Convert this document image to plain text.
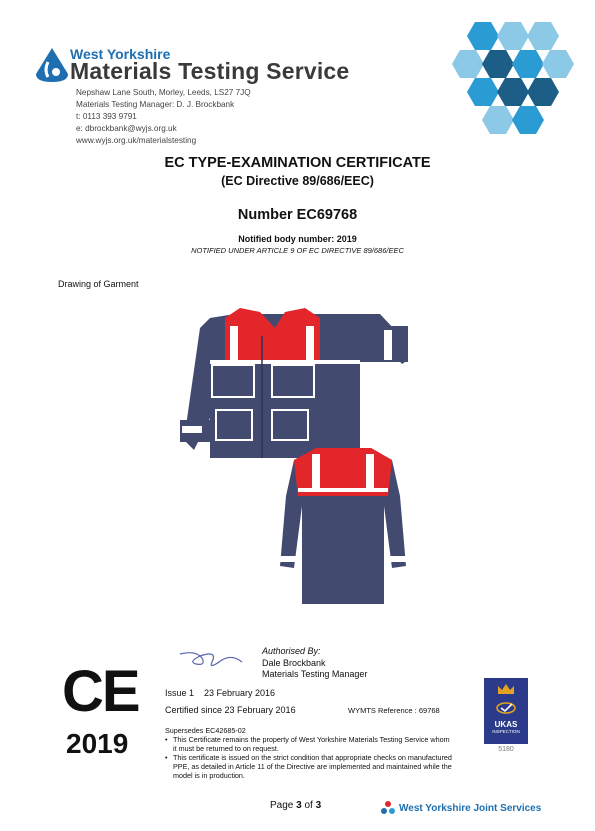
West Yorkshire
Materials Testing Service
Nepshaw Lane South, Morley, Leeds, LS27 7JQ
Materials Testing Manager: D. J. Brockbank
t: 0113 393 9791
e: dbrockbank@wyjs.org.uk
www.wyjs.org.uk/materialstesting
EC TYPE-EXAMINATION CERTIFICATE
(EC Directive 89/686/EEC)
Number EC69768
Notified body number: 2019
NOTIFIED UNDER ARTICLE 9 OF EC DIRECTIVE 89/686/EEC
Drawing of Garment
CE
2019
Authorised By:
Dale Brockbank
Materials Testing Manager
Issue 1    23 February 2016
Certified since 23 February 2016	WYMTS Reference : 69768

UKAS
INSPECTION
5180
Supersedes EC42685-02
• This Certificate remains the property of West Yorkshire Materials Testing Service whom it must be returned to on request.
• This certificate is issued on the strict condition that appropriate checks on manufactured PPE, as detailed in Article 11 of the Directive are implemented and maintained while the model is in production.
Page 3 of 3	West Yorkshire Joint Services
